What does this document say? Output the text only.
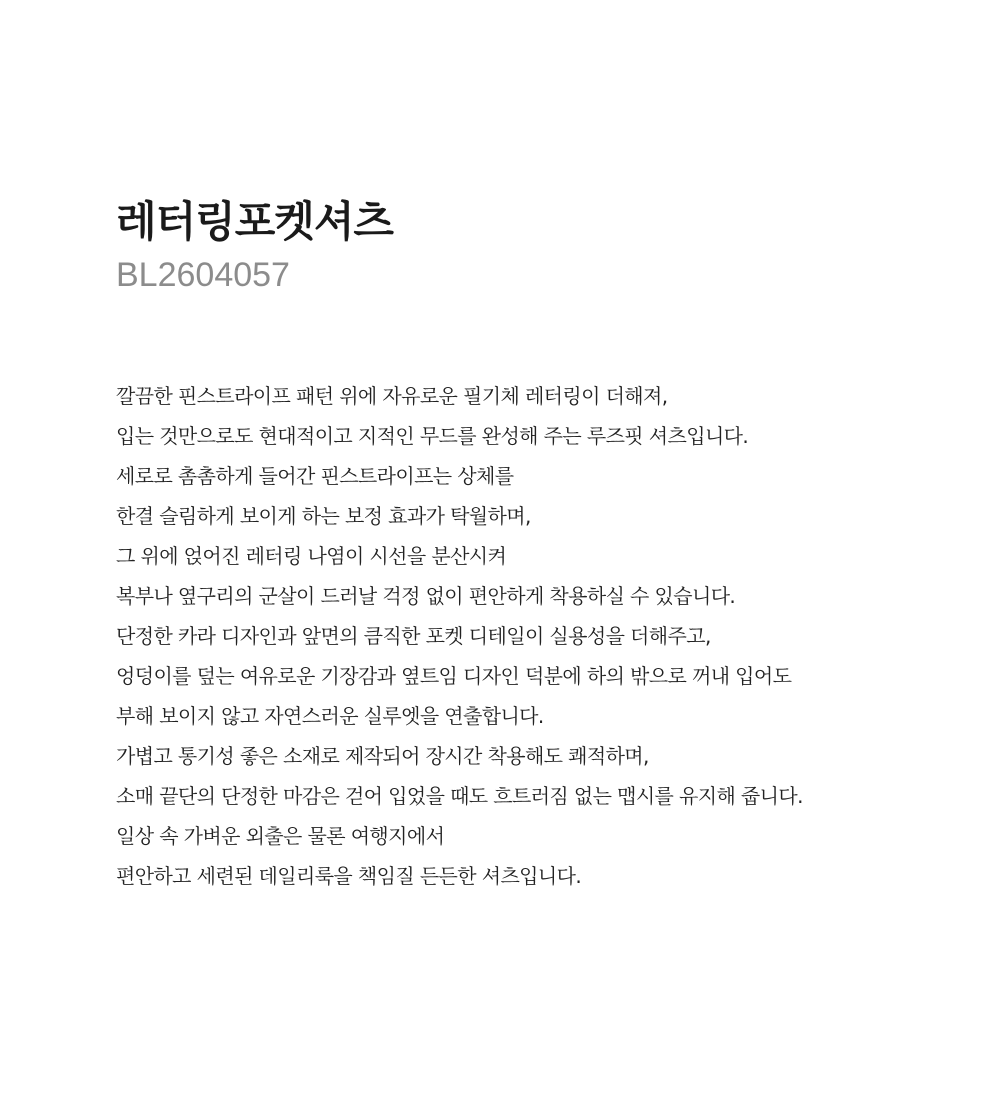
레터링포켓셔츠
BL2604057
깔끔한 핀스트라이프 패턴 위에 자유로운 필기체 레터링이 더해져,
입는 것만으로도 현대적이고 지적인 무드를 완성해 주는 루즈핏 셔츠입니다.
세로로 촘촘하게 들어간 핀스트라이프는 상체를
한결 슬림하게 보이게 하는 보정 효과가 탁월하며,
그 위에 얹어진 레터링 나염이 시선을 분산시켜
복부나 옆구리의 군살이 드러날 걱정 없이 편안하게 착용하실 수 있습니다.
단정한 카라 디자인과 앞면의 큼직한 포켓 디테일이 실용성을 더해주고,
엉덩이를 덮는 여유로운 기장감과 옆트임 디자인 덕분에 하의 밖으로 꺼내 입어도
부해 보이지 않고 자연스러운 실루엣을 연출합니다.
가볍고 통기성 좋은 소재로 제작되어 장시간 착용해도 쾌적하며,
소매 끝단의 단정한 마감은 걷어 입었을 때도 흐트러짐 없는 맵시를 유지해 줍니다.
일상 속 가벼운 외출은 물론 여행지에서
편안하고 세련된 데일리룩을 책임질 든든한 셔츠입니다.
